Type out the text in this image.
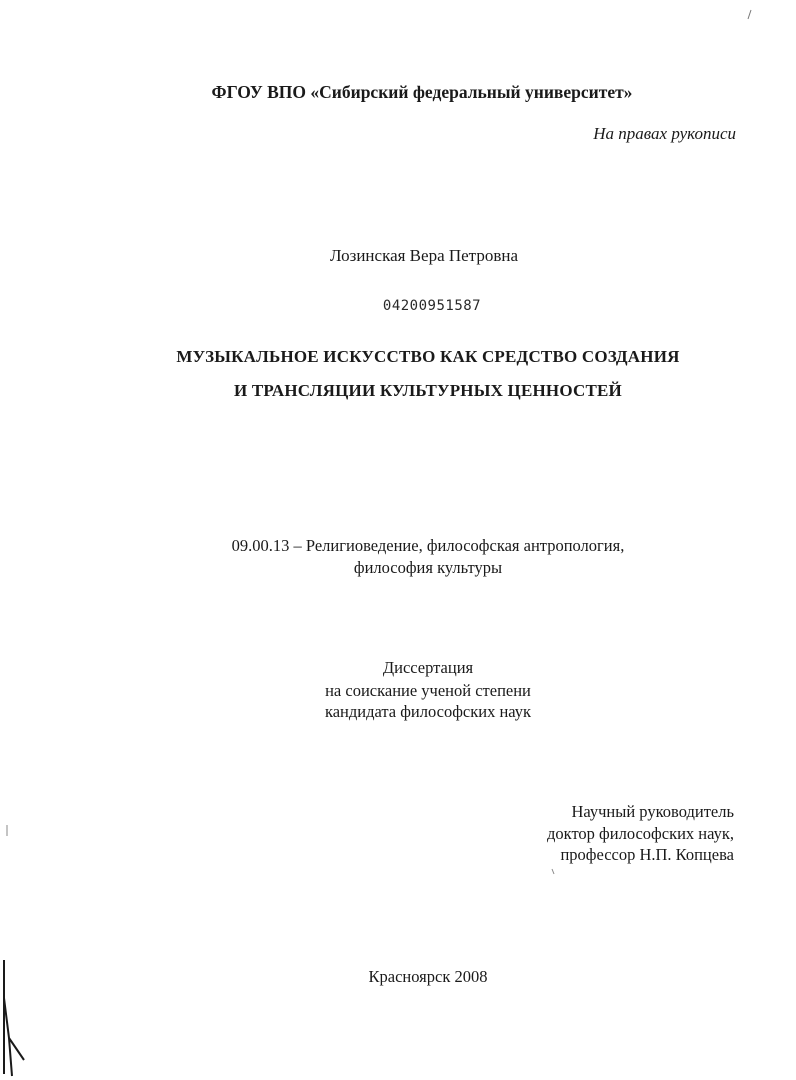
ФГОУ ВПО «Сибирский федеральный университет»
На правах рукописи
Лозинская Вера Петровна
04200951587
МУЗЫКАЛЬНОЕ ИСКУССТВО КАК СРЕДСТВО СОЗДАНИЯ
И ТРАНСЛЯЦИИ КУЛЬТУРНЫХ ЦЕННОСТЕЙ
09.00.13 – Религиоведение, философская антропология,
философия культуры
Диссертация
на соискание ученой степени
кандидата философских наук
Научный руководитель
доктор философских наук,
профессор Н.П. Копцева
Красноярск 2008
